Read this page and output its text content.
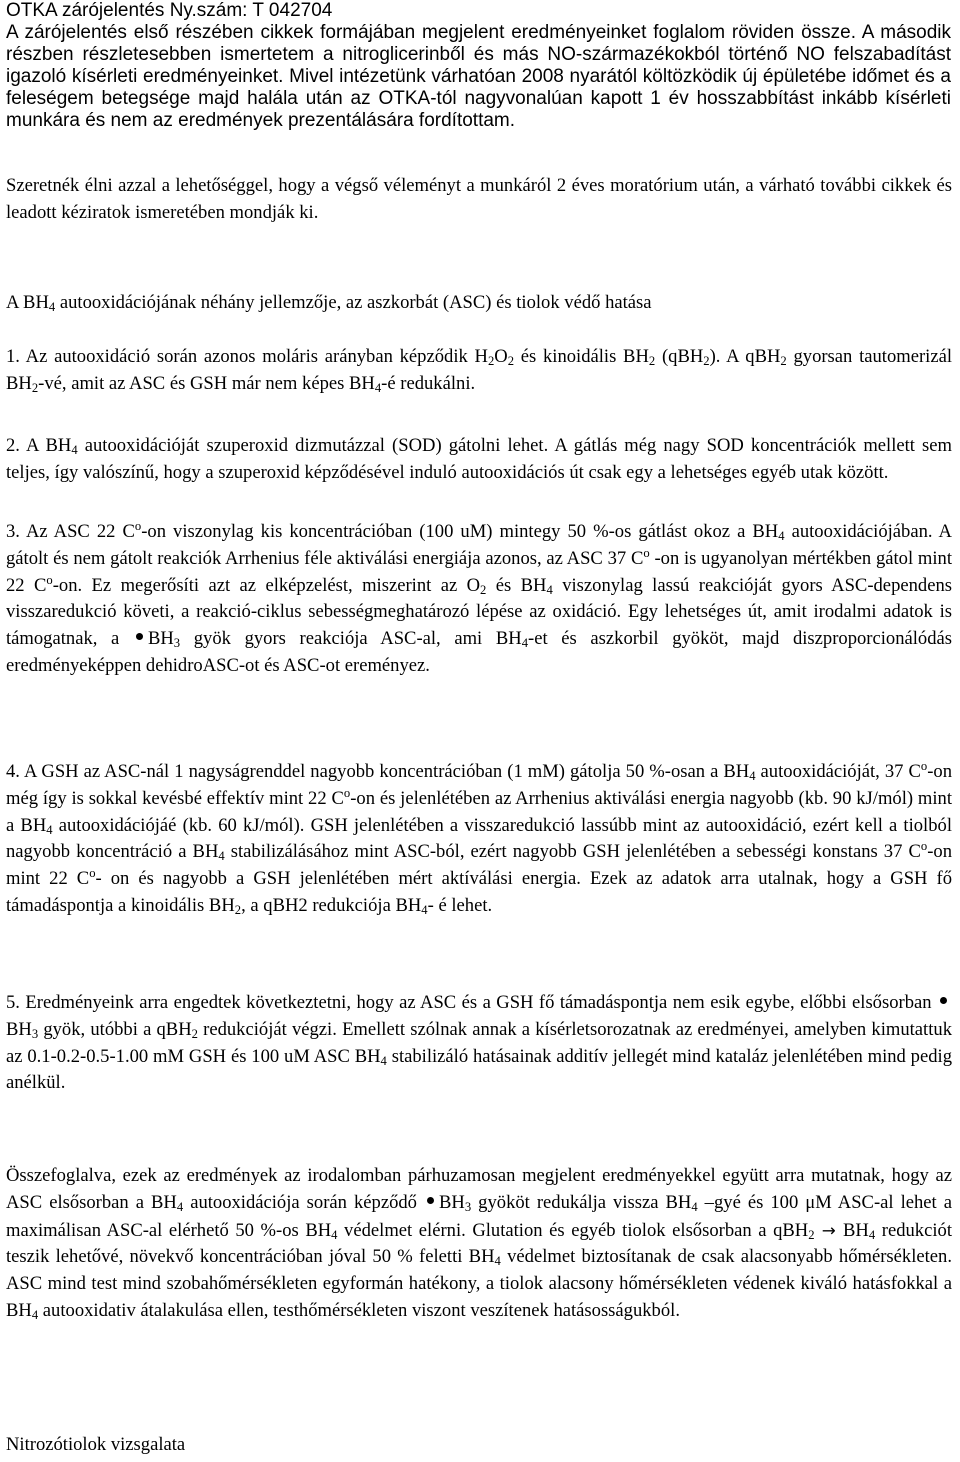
OTKA zárójelentés Ny.szám: T 042704
A zárójelentés első részében cikkek formájában megjelent eredményeinket foglalom röviden össze. A második részben részletesebben ismertetem a nitroglicerinből és más NO-származékokból történő NO felszabadítást igazoló kísérleti eredményeinket. Mivel intézetünk várhatóan 2008 nyarától költözködik új épületébe időmet és a feleségem betegsége majd halála után az OTKA-tól nagyvonalúan kapott 1 év hosszabbítást inkább kísérleti munkára és nem az eredmények prezentálására fordítottam.
Szeretnék élni azzal a lehetőséggel, hogy a végső véleményt a munkáról 2 éves moratórium után, a várható további cikkek és leadott kéziratok ismeretében mondják ki.
A $BH_4$ autooxidációjának néhány jellemzője, az aszkorbát (ASC) és tiolok védő hatása
1. Az autooxidáció során azonos moláris arányban képződik $H_2O_2$ és kinoidális $BH_2$ (qBH$_2$). A qBH$_2$ gyorsan tautomerizál $BH_2-vé$, amit az ASC és GSH már nem képes $BH_4-é$ redukálni.
2. A $BH_4$ autooxidációját szuperoxid dizmutázzal (SOD) gátolni lehet. A gátlás még nagy SOD koncentrációk mellett sem teljes, így valószínű, hogy a szuperoxid képződésével induló autooxidációs út csak egy a lehetséges egyéb utak között.
3. Az ASC 22 $C^o-on$ viszonylag kis koncentrációban (100 uM) mintegy 50 %-os gátlást okoz a $BH_4$ autooxidációjában. A gátolt és nem gátolt reakciók Arrhenius féle aktiválási energiája azonos, az ASC 37 $C^o$ -on is ugyanolyan mértékben gátol mint 22 $C^o-on$. Ez megerősíti azt az elképzelést, miszerint az $O_2$ és $BH_4$ viszonylag lassú reakcióját gyors ASC-dependens visszaredukció követi, a reakció-ciklus sebességmeghatározó lépése az oxidáció. Egy lehetséges út, amit irodalmi adatok is támogatnak, a $BH_3$ gyök gyors reakciója ASC-al, ami $BH_4-et$ és aszkorbil gyököt, majd diszproporcionálódás eredményeképpen dehidroASC-ot és ASC-ot ereményez.
4. A GSH az ASC-nál 1 nagyságrenddel nagyobb koncentrációban (1 mM) gátolja 50 %-osan a $BH_4$ autooxidációját, 37 $C^o-on$ még így is sokkal kevésbé effektív mint 22 $C^o-on$ és jelenlétében az Arrhenius aktiválási energia nagyobb (kb. 90 kJ/mól) mint a $BH_4$ autooxidációjáé (kb. 60 kJ/mól). GSH jelenlétében a visszaredukció lassúbb mint az autooxidáció, ezért kell a tiolból nagyobb koncentráció a $BH_4$ stabilizálásához mint ASC-ból, ezért nagyobb GSH jelenlétében a sebességi konstans 37 $C^o-on$ mint 22 $C^o-$ on és nagyobb a GSH jelenlétében mért aktíválási energia. Ezek az adatok arra utalnak, hogy a GSH fő támadáspontja a kinoidális $BH_2$, a qBH2 redukciója $BH_4-$ é lehet.
5. Eredményeink arra engedtek következtetni, hogy az ASC és a GSH fő támadáspontja nem esik egybe, előbbi elsősorban $BH_3$ gyök, utóbbi a qBH$_2$ redukcióját végzi. Emellett szólnak annak a kísérletsorozatnak az eredményei, amelyben kimutattuk az 0.1-0.2-0.5-1.00 mM GSH és 100 uM ASC $BH_4$ stabilizáló hatásainak additív jellegét mind kataláz jelenlétében mind pedig anélkül.
Összefoglalva, ezek az eredmények az irodalomban párhuzamosan megjelent eredményekkel együtt arra mutatnak, hogy az ASC elsősorban a $BH_4$ autooxidációja során képződő $BH_3$ gyököt redukálja vissza $BH_4$ –gyé és 100 μM ASC-al lehet a maximálisan ASC-al elérhető 50 %-os $BH_4$ védelmet elérni. Glutation és egyéb tiolok elsősorban a $qBH_2 \to BH_4$ redukciót teszik lehetővé, növekvő koncentrációban jóval 50 % feletti $BH_4$ védelmet biztosítanak de csak alacsonyabb hőmérsékleten. ASC mind test mind szobahőmérsékleten egyformán hatékony, a tiolok alacsony hőmérsékleten védenek kiváló hatásfokkal a $BH_4$ autooxidativ átalakulása ellen, testhőmérsékleten viszont veszítenek hatásosságukból.
Nitrozótiolok vizsgalata
